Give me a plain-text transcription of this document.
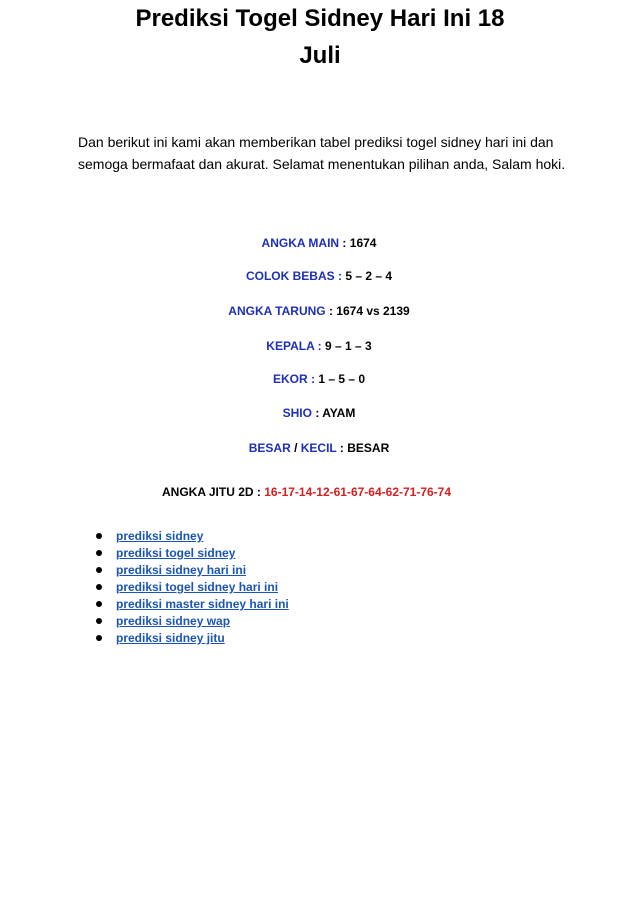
Prediksi Togel Sidney Hari Ini 18
Juli

Dan berikut ini kami akan memberikan tabel prediksi togel sidney hari ini dan semoga bermafaat dan akurat. Selamat menentukan pilihan anda, Salam hoki.

ANGKA MAIN : 1674

COLOK BEBAS : 5 – 2 – 4

ANGKA TARUNG : 1674 vs 2139

KEPALA : 9 – 1 – 3

EKOR : 1 – 5 – 0

SHIO : AYAM

BESAR / KECIL : BESAR

ANGKA JITU 2D : 16-17-14-12-61-67-64-62-71-76-74

prediksi sidney
prediksi togel sidney
prediksi sidney hari ini
prediksi togel sidney hari ini
prediksi master sidney hari ini
prediksi sidney wap
prediksi sidney jitu
